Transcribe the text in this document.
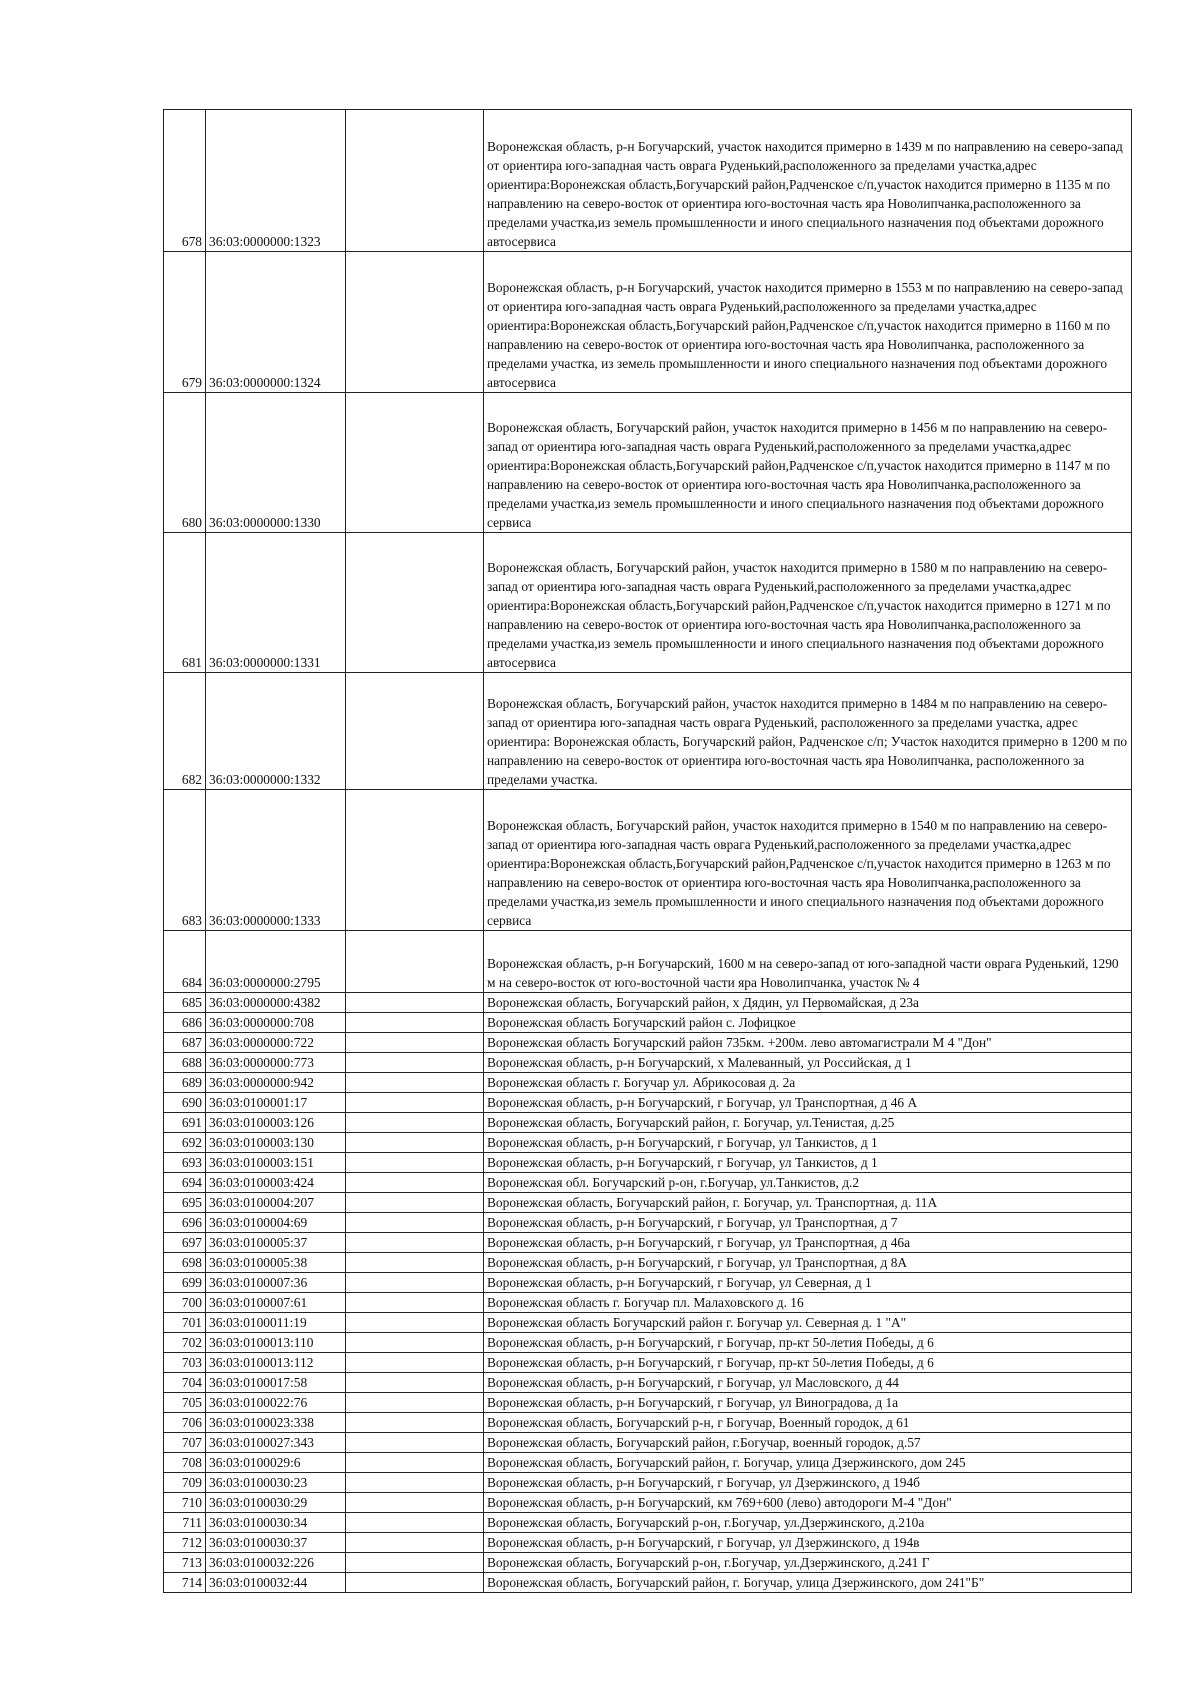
678	36:03:0000000:1323		Воронежская область, р-н Богучарский, участок находится примерно в 1439 м по направлению на северо-запад от ориентира юго-западная часть оврага Руденький,расположенного за пределами участка,адрес ориентира:Воронежская область,Богучарский район,Радченское с/п,участок находится примерно в 1135 м по направлению на северо-восток от ориентира юго-восточная часть яра Новолипчанка,расположенного за пределами участка,из земель промышленности и иного специального назначения под объектами дорожного автосервиса
679	36:03:0000000:1324		Воронежская область, р-н Богучарский, участок находится примерно в 1553 м по направлению на северо-запад от ориентира юго-западная часть оврага Руденький,расположенного за пределами участка,адрес ориентира:Воронежская область,Богучарский район,Радченское с/п,участок находится примерно в 1160 м по направлению на северо-восток от ориентира юго-восточная часть яра Новолипчанка, расположенного за пределами участка, из земель промышленности и иного специального назначения под объектами дорожного автосервиса
680	36:03:0000000:1330		Воронежская область, Богучарский район, участок находится примерно в 1456 м по направлению на северо-запад от ориентира юго-западная часть оврага Руденький,расположенного за пределами участка,адрес ориентира:Воронежская область,Богучарский район,Радченское с/п,участок находится примерно в 1147 м по направлению на северо-восток от ориентира юго-восточная часть яра Новолипчанка,расположенного за пределами участка,из земель промышленности и иного специального назначения под объектами дорожного сервиса
681	36:03:0000000:1331		Воронежская область, Богучарский район, участок находится примерно в 1580 м по направлению на северо-запад от ориентира юго-западная часть оврага Руденький,расположенного за пределами участка,адрес ориентира:Воронежская область,Богучарский район,Радченское с/п,участок находится примерно в 1271 м по направлению на северо-восток от ориентира юго-восточная часть яра Новолипчанка,расположенного за пределами участка,из земель промышленности и иного специального назначения под объектами дорожного автосервиса
682	36:03:0000000:1332		Воронежская область, Богучарский район, участок находится примерно в 1484 м по направлению на северо-запад от ориентира юго-западная часть оврага Руденький, расположенного за пределами участка, адрес ориентира: Воронежская область, Богучарский район, Радченское с/п; Участок находится примерно в 1200 м по направлению на северо-восток от ориентира юго-восточная часть яра Новолипчанка, расположенного за пределами участка.
683	36:03:0000000:1333		Воронежская область, Богучарский район, участок находится примерно в 1540 м по направлению на северо-запад от ориентира юго-западная часть оврага Руденький,расположенного за пределами участка,адрес ориентира:Воронежская область,Богучарский район,Радченское с/п,участок находится примерно в 1263 м по направлению на северо-восток от ориентира юго-восточная часть яра Новолипчанка,расположенного за пределами участка,из земель промышленности и иного специального назначения под объектами дорожного сервиса
684	36:03:0000000:2795		Воронежская область, р-н Богучарский, 1600 м на северо-запад от юго-западной части оврага Руденький, 1290 м на северо-восток от юго-восточной части яра Новолипчанка, участок № 4
685	36:03:0000000:4382		Воронежская область, Богучарский район, х Дядин, ул Первомайская, д 23а
686	36:03:0000000:708		Воронежская область Богучарский район с. Лофицкое
687	36:03:0000000:722		Воронежская область Богучарский район 735км. +200м. лево автомагистрали М 4 "Дон"
688	36:03:0000000:773		Воронежская область, р-н Богучарский, х Малеванный, ул Российская, д 1
689	36:03:0000000:942		Воронежская область г. Богучар ул. Абрикосовая д. 2а
690	36:03:0100001:17		Воронежская область, р-н Богучарский, г Богучар, ул Транспортная, д 46 А
691	36:03:0100003:126		Воронежская область, Богучарский район, г. Богучар, ул.Тенистая, д.25
692	36:03:0100003:130		Воронежская область, р-н Богучарский, г Богучар, ул Танкистов, д 1
693	36:03:0100003:151		Воронежская область, р-н Богучарский, г Богучар, ул Танкистов, д 1
694	36:03:0100003:424		Воронежская обл. Богучарский р-он, г.Богучар, ул.Танкистов, д.2
695	36:03:0100004:207		Воронежская область, Богучарский район, г. Богучар, ул. Транспортная, д. 11А
696	36:03:0100004:69		Воронежская область, р-н Богучарский, г Богучар, ул Транспортная, д 7
697	36:03:0100005:37		Воронежская область, р-н Богучарский, г Богучар, ул Транспортная, д 46а
698	36:03:0100005:38		Воронежская область, р-н Богучарский, г Богучар, ул Транспортная, д 8А
699	36:03:0100007:36		Воронежская область, р-н Богучарский, г Богучар, ул Северная, д 1
700	36:03:0100007:61		Воронежская область г. Богучар пл. Малаховского д. 16
701	36:03:0100011:19		Воронежская область Богучарский район г. Богучар ул. Северная д. 1 "А"
702	36:03:0100013:110		Воронежская область, р-н Богучарский, г Богучар, пр-кт 50-летия Победы, д 6
703	36:03:0100013:112		Воронежская область, р-н Богучарский, г Богучар, пр-кт 50-летия Победы, д 6
704	36:03:0100017:58		Воронежская область, р-н Богучарский, г Богучар, ул Масловского, д 44
705	36:03:0100022:76		Воронежская область, р-н Богучарский, г Богучар, ул Виноградова, д 1а
706	36:03:0100023:338		Воронежская область, Богучарский р-н, г Богучар, Военный городок, д 61
707	36:03:0100027:343		Воронежская область, Богучарский район, г.Богучар, военный городок, д.57
708	36:03:0100029:6		Воронежская область, Богучарский район, г. Богучар, улица Дзержинского, дом 245
709	36:03:0100030:23		Воронежская область, р-н Богучарский, г Богучар, ул Дзержинского, д 194б
710	36:03:0100030:29		Воронежская область, р-н Богучарский, км 769+600 (лево) автодороги М-4 "Дон"
711	36:03:0100030:34		Воронежская область, Богучарский р-он, г.Богучар, ул.Дзержинского, д.210а
712	36:03:0100030:37		Воронежская область, р-н Богучарский, г Богучар, ул Дзержинского, д 194в
713	36:03:0100032:226		Воронежская область, Богучарский р-он, г.Богучар, ул.Дзержинского, д.241 Г
714	36:03:0100032:44		Воронежская область, Богучарский район, г. Богучар, улица Дзержинского, дом 241"Б"
